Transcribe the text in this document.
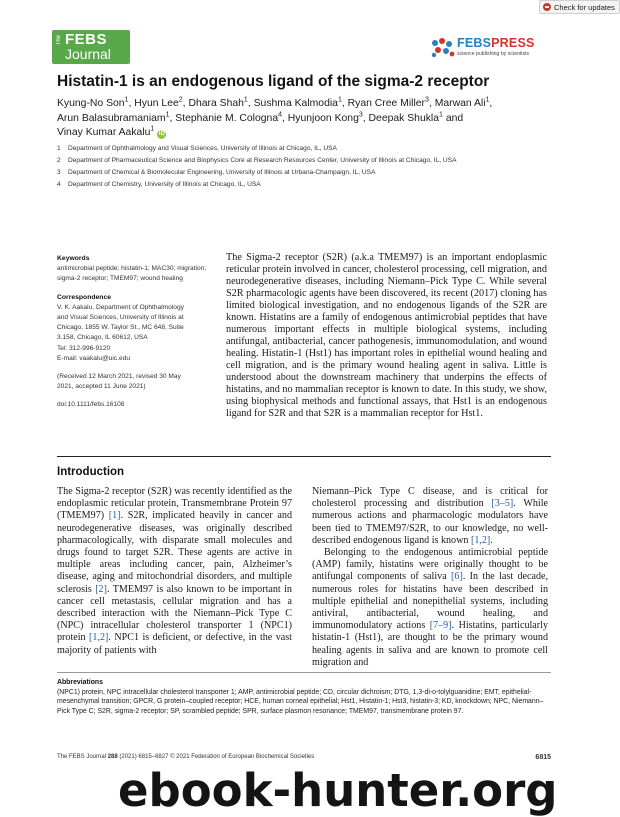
Check for updates
The FEBS
Journal
FEBSPRESS
science publishing by scientists
Histatin-1 is an endogenous ligand of the sigma-2 receptor
Kyung-No Son$^1$, Hyun Lee$^2$, Dhara Shah$^1$, Sushma Kalmodia$^1$, Ryan Cree Miller$^3$, Marwan Ali$^1$,
Arun Balasubramaniam$^1$, Stephanie M. Cologna$^4$, Hyunjoon Kong$^3$, Deepak Shukla$^1$ and
Vinay Kumar Aakalu$^1$iD
1 Department of Ophthalmology and Visual Sciences, University of Illinois at Chicago, IL, USA
2 Department of Pharmaceutical Science and Biophysics Core at Research Resources Center, University of Illinois at Chicago, IL, USA
3 Department of Chemical & Biomolecular Engineering, University of Illinois at Urbana-Champaign, IL, USA
4 Department of Chemistry, University of Illinois at Chicago, IL, USA
Keywords
antimicrobial peptide; histatin-1; MAC30; migration; sigma-2 receptor; TMEM97; wound healing
Correspondence
V. K. Aakalu, Department of Ophthalmology
and Visual Sciences, University of Illinois at
Chicago, 1855 W. Taylor St., MC 648, Suite
3.158, Chicago, IL 60612, USA
Tel: 312-996-9120
E-mail: vaakalu@uic.edu
(Received 12 March 2021, revised 30 May
2021, accepted 11 June 2021)
doi:10.1111/febs.16108
The Sigma-2 receptor (S2R) (a.k.a TMEM97) is an important endoplasmic reticular protein involved in cancer, cholesterol processing, cell migration, and neurodegenerative diseases, including Niemann–Pick Type C. While several S2R pharmacologic agents have been discovered, its recent (2017) cloning has limited biological investigation, and no endogenous ligands of the S2R are known. Histatins are a family of endogenous antimicrobial peptides that have numerous important effects in multiple biological systems, including antifungal, antibacterial, cancer pathogenesis, immunomodulation, and wound healing. Histatin-1 (Hst1) has important roles in epithelial wound healing and cell migration, and is the primary wound healing agent in saliva. Little is understood about the downstream machinery that underpins the effects of histatins, and no mammalian receptor is known to date. In this study, we show, using biophysical methods and functional assays, that Hst1 is an endogenous ligand for S2R and that S2R is a mammalian receptor for Hst1.
Introduction

The Sigma-2 receptor (S2R) was recently identified as the endoplasmic reticular protein, Transmembrane Protein 97 (TMEM97) [1]. S2R, implicated heavily in cancer and neurodegenerative diseases, was originally described pharmacologically, with disparate small molecules and drugs found to target S2R. These agents are active in multiple areas including cancer, pain, Alzheimer’s disease, aging and mitochondrial disorders, and multiple sclerosis [2]. TMEM97 is also known to be important in cancer cell metastasis, cellular migration and has a described interaction with the Niemann–Pick Type C (NPC) intracellular cholesterol transporter 1 (NPC1) protein [1,2]. NPC1 is deficient, or defective, in the vast majority of patients with

Niemann–Pick Type C disease, and is critical for cholesterol processing and distribution [3–5]. While numerous actions and pharmacologic modulators have been tied to TMEM97/S2R, to our knowledge, no well-described endogenous ligand is known [1,2].

Belonging to the endogenous antimicrobial peptide (AMP) family, histatins were originally thought to be antifungal components of saliva [6]. In the last decade, numerous roles for histatins have been described in multiple epithelial and nonepithelial systems, including antiviral, antibacterial, wound healing, and immunomodulatory actions [7–9]. Histatins, particularly histatin-1 (Hst1), are thought to be the primary wound healing agents in saliva and are known to promote cell migration and

Abbreviations
(NPC1) protein, NPC intracellular cholesterol transporter 1; AMP, antimicrobial peptide; CD, circular dichroism; DTG, 1,3-di-o-tolylguanidine; EMT, epithelial-mesenchymal transition; GPCR, G protein–coupled receptor; HCE, human corneal epithelial; Hst1, Histatin-1; Hst3, histatin-3; KD, knockdown; NPC, Niemann–Pick Type C; S2R, sigma-2 receptor; SP, scrambled peptide; SPR, surface plasmon resonance; TMEM97, transmembrane protein 97.
The FEBS Journal 288 (2021) 6815–6827 © 2021 Federation of European Biochemical Societies	6815
ebook-hunter.org
